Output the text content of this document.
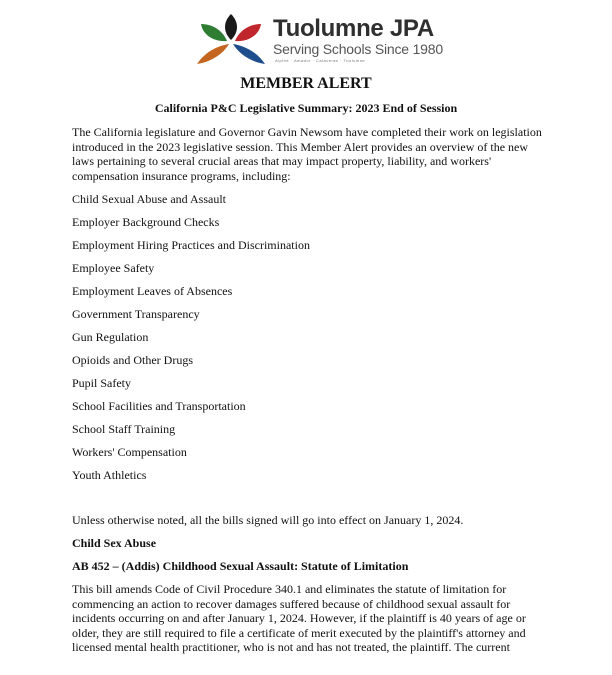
Tuolumne JPA
Serving Schools Since 1980
Alpine · Amador · Calaveras · Tuolumne
MEMBER ALERT
California P&C Legislative Summary: 2023 End of Session

The California legislature and Governor Gavin Newsom have completed their work on legislation introduced in the 2023 legislative session. This Member Alert provides an overview of the new laws pertaining to several crucial areas that may impact property, liability, and workers' compensation insurance programs, including:

Child Sexual Abuse and Assault
Employer Background Checks
Employment Hiring Practices and Discrimination
Employee Safety
Employment Leaves of Absences
Government Transparency
Gun Regulation
Opioids and Other Drugs
Pupil Safety
School Facilities and Transportation
School Staff Training
Workers' Compensation
Youth Athletics

Unless otherwise noted, all the bills signed will go into effect on January 1, 2024.

Child Sex Abuse

AB 452 – (Addis) Childhood Sexual Assault: Statute of Limitation

This bill amends Code of Civil Procedure 340.1 and eliminates the statute of limitation for commencing an action to recover damages suffered because of childhood sexual assault for incidents occurring on and after January 1, 2024. However, if the plaintiff is 40 years of age or older, they are still required to file a certificate of merit executed by the plaintiff's attorney and licensed mental health practitioner, who is not and has not treated, the plaintiff. The current
